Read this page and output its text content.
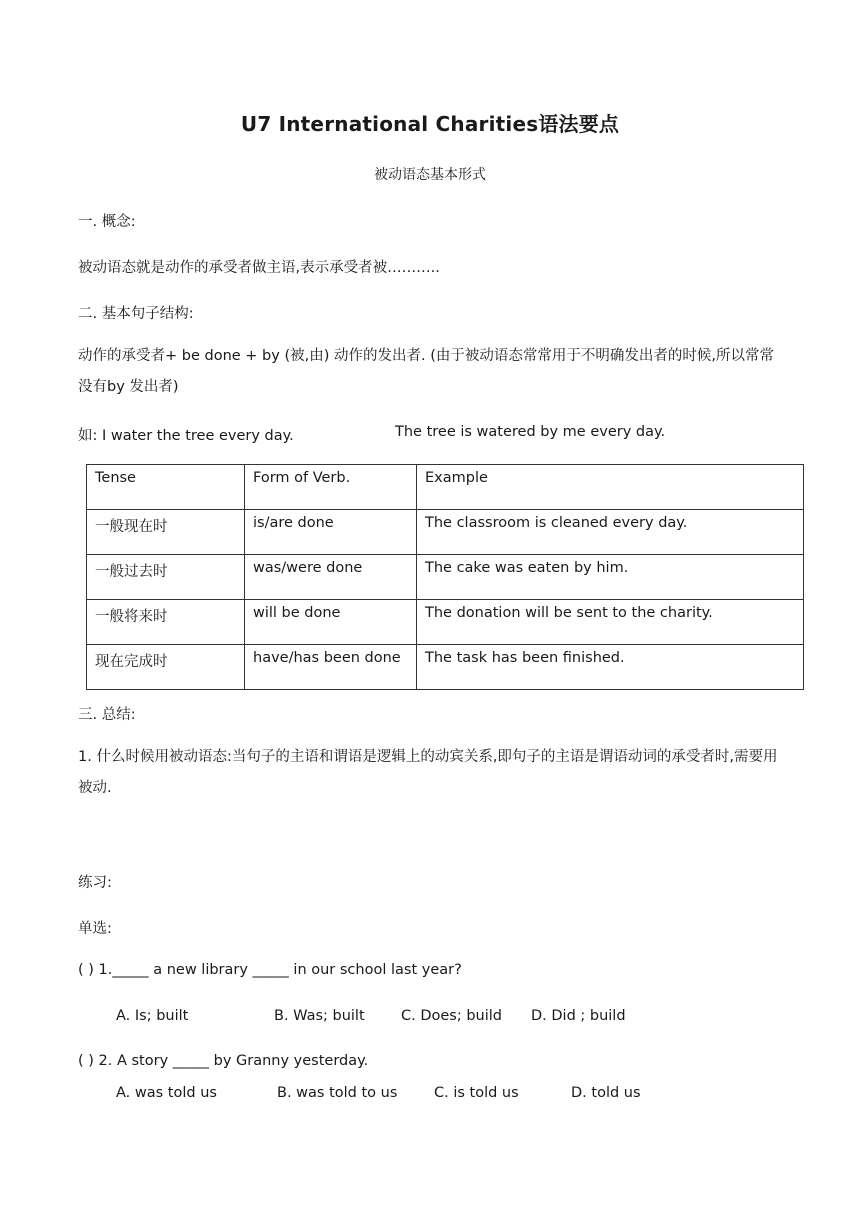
U7 International Charities语法要点
被动语态基本形式
一. 概念:
被动语态就是动作的承受者做主语,表示承受者被………..
二. 基本句子结构:
动作的承受者+ be done + by (被,由) 动作的发出者. (由于被动语态常常用于不明确发出者的时候,所以常常没有by 发出者)
如: I water the tree every day.	The tree is watered by me every day.
Tense	Form of Verb.	Example
一般现在时	is/are done	The classroom is cleaned every day.
一般过去时	was/were done	The cake was eaten by him.
一般将来时	will be done	The donation will be sent to the charity.
现在完成时	have/has been done	The task has been finished.
三. 总结:
1. 什么时候用被动语态:当句子的主语和谓语是逻辑上的动宾关系,即句子的主语是谓语动词的承受者时,需要用被动.
练习:
单选:
( ) 1._____ a new library _____ in our school last year?
A. Is; built	B. Was; built	C. Does; build D. Did ; build
( ) 2. A story _____ by Granny yesterday.
A. was told us	B. was told to us	C. is told us	D. told us
